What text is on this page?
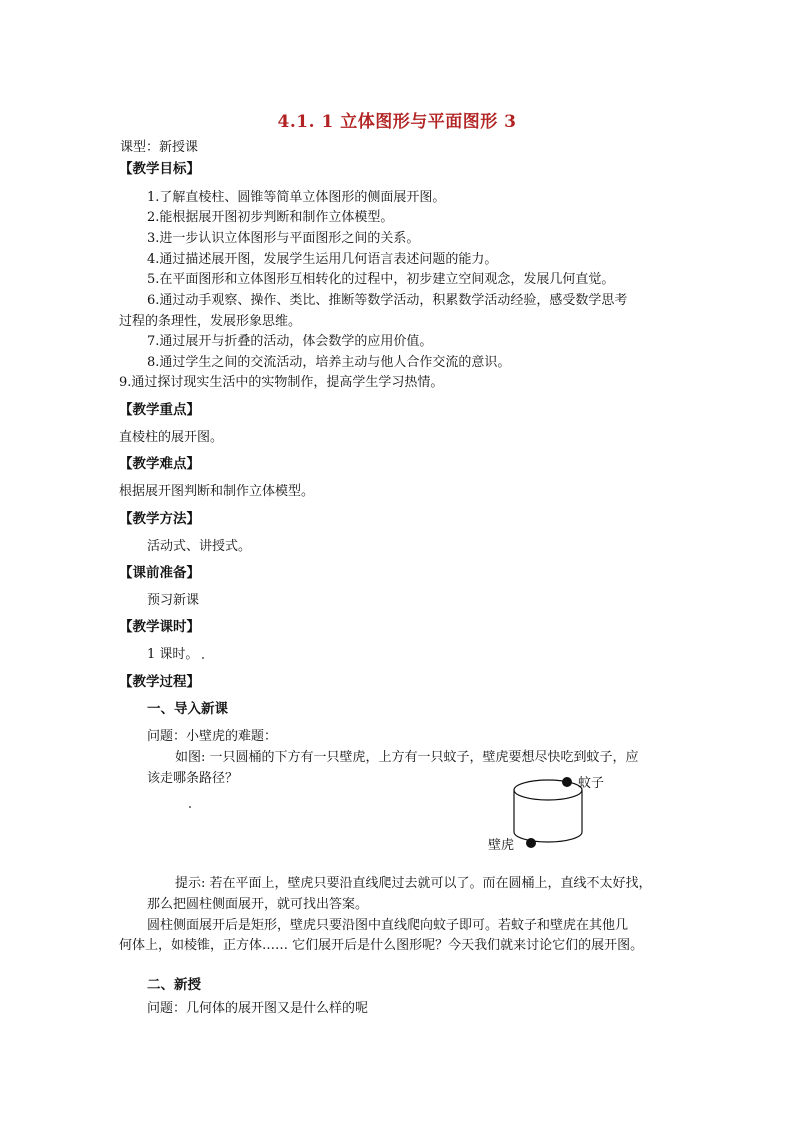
4.1. 1 立体图形与平面图形 3
课型：新授课
【教学目标】
1.了解直棱柱、圆锥等简单立体图形的侧面展开图。
2.能根据展开图初步判断和制作立体模型。
3.进一步认识立体图形与平面图形之间的关系。
4.通过描述展开图，发展学生运用几何语言表述问题的能力。
5.在平面图形和立体图形互相转化的过程中，初步建立空间观念，发展几何直觉。
6.通过动手观察、操作、类比、推断等数学活动，积累数学活动经验，感受数学思考
过程的条理性，发展形象思维。
7.通过展开与折叠的活动，体会数学的应用价值。
8.通过学生之间的交流活动，培养主动与他人合作交流的意识。
9.通过探讨现实生活中的实物制作，提高学生学习热情。
【教学重点】
直棱柱的展开图。
【教学难点】
根据展开图判断和制作立体模型。
【教学方法】
活动式、讲授式。
【课前准备】
预习新课
【教学课时】
1 课时。
【教学过程】
一、导入新课
问题：小壁虎的难题：
如图: 一只圆桶的下方有一只壁虎，上方有一只蚊子，壁虎要想尽快吃到蚊子，应
该走哪条路径？	蚊子
壁虎
提示: 若在平面上，壁虎只要沿直线爬过去就可以了。而在圆桶上，直线不太好找，
那么把圆柱侧面展开，就可找出答案。
圆柱侧面展开后是矩形，壁虎只要沿图中直线爬向蚊子即可。若蚊子和壁虎在其他几
何体上，如棱锥，正方体…… 它们展开后是什么图形呢？今天我们就来讨论它们的展开图。
二、新授
问题：几何体的展开图又是什么样的呢
